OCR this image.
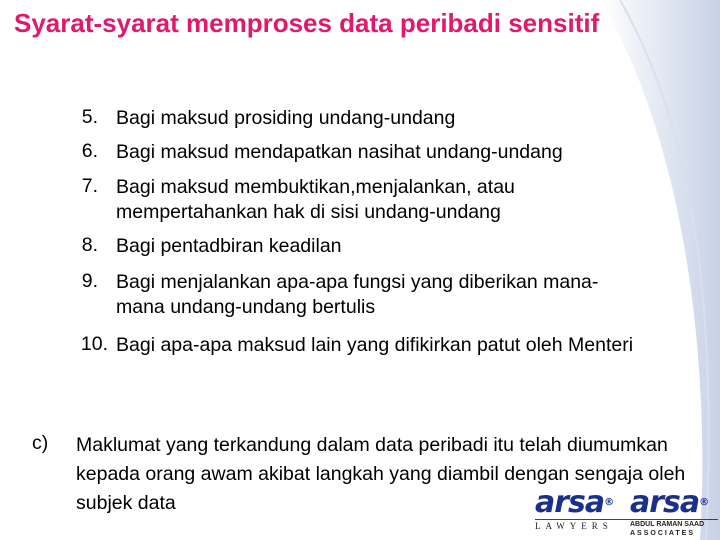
Syarat-syarat memproses data peribadi sensitif
5. Bagi maksud prosiding undang-undang
6. Bagi maksud mendapatkan nasihat undang-undang
7. Bagi maksud membuktikan,menjalankan, atau mempertahankan hak di sisi undang-undang
8. Bagi pentadbiran keadilan
9. Bagi menjalankan apa-apa fungsi yang diberikan mana-mana undang-undang bertulis
10. Bagi apa-apa maksud lain yang difikirkan patut oleh Menteri
c) Maklumat yang terkandung dalam data peribadi itu telah diumumkan kepada orang awam akibat langkah yang diambil dengan sengaja oleh subjek data	arsa®
LAWYERS
arsa®
ABDUL RAMAN SAAD
ASSOCIATES
